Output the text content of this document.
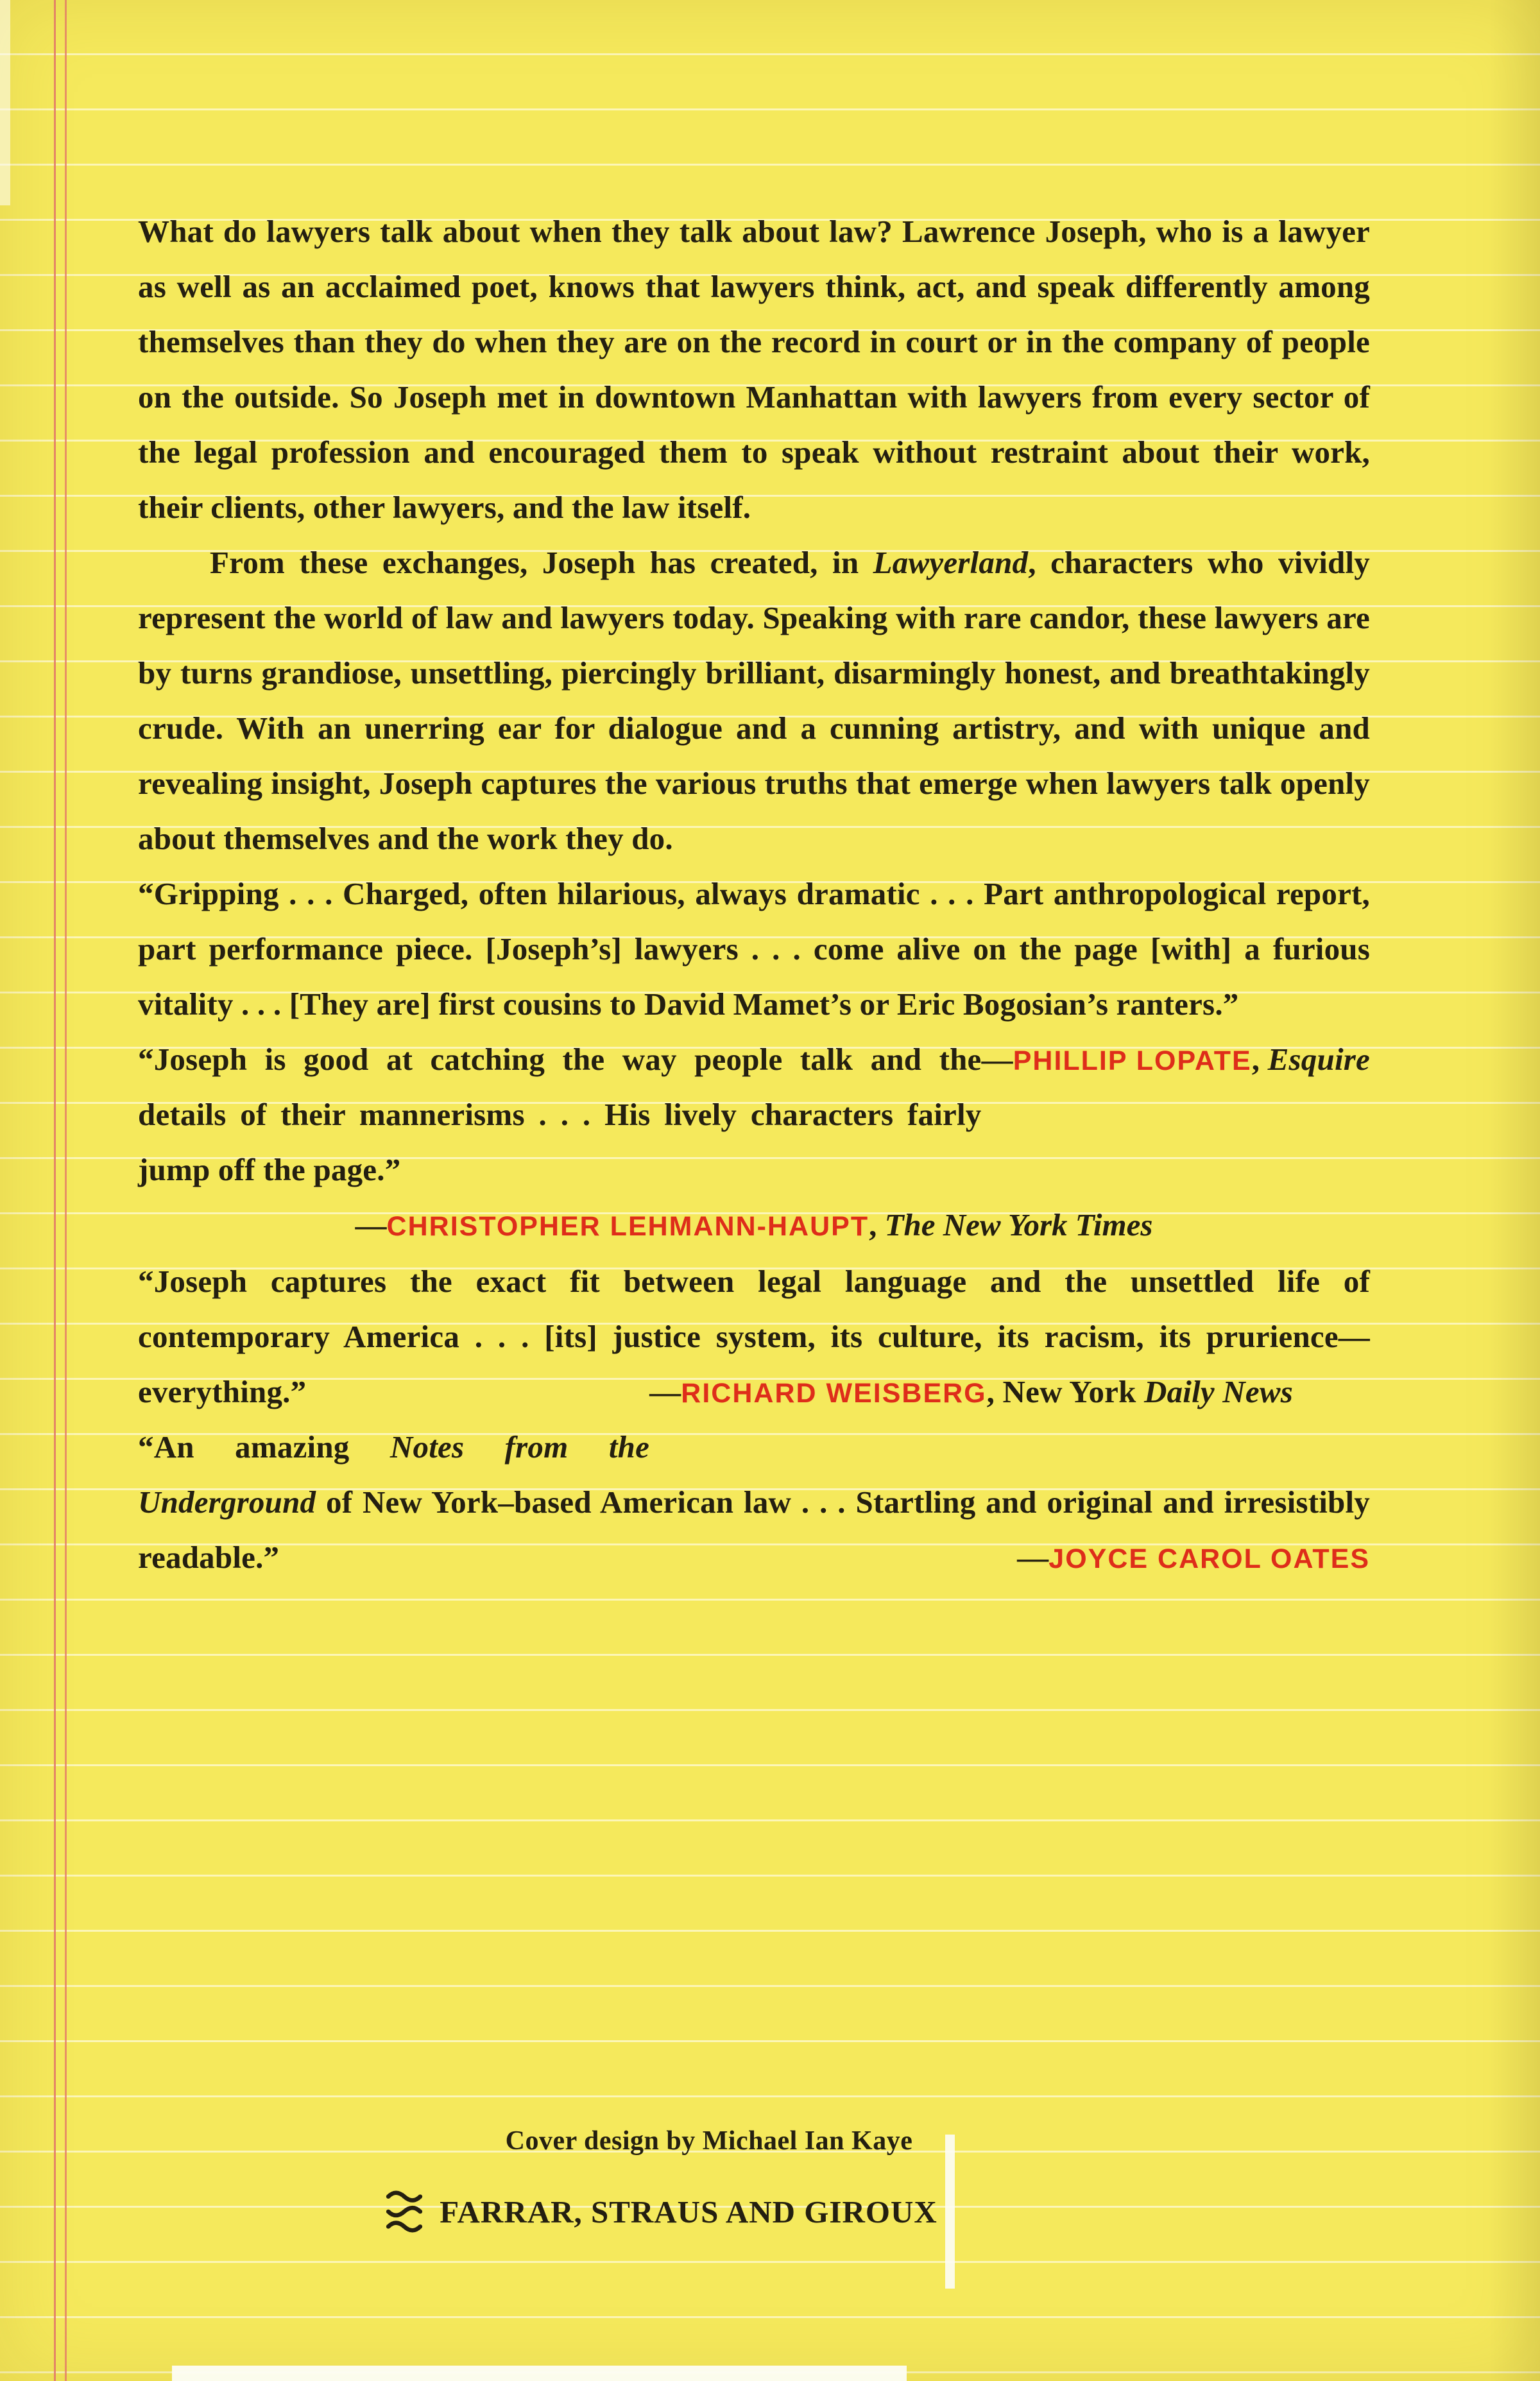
What do lawyers talk about when they talk about law? Lawrence Joseph, who is a lawyer as well as an acclaimed poet, knows that lawyers think, act, and speak differently among themselves than they do when they are on the record in court or in the company of people on the outside. So Joseph met in downtown Manhattan with lawyers from every sector of the legal profession and encouraged them to speak without restraint about their work, their clients, other lawyers, and the law itself.

From these exchanges, Joseph has created, in Lawyerland, characters who vividly represent the world of law and lawyers today. Speaking with rare candor, these lawyers are by turns grandiose, unsettling, piercingly brilliant, disarmingly honest, and breathtakingly crude. With an unerring ear for dialogue and a cunning artistry, and with unique and revealing insight, Joseph captures the various truths that emerge when lawyers talk openly about themselves and the work they do.

“Gripping . . . Charged, often hilarious, always dramatic . . . Part anthropological report, part performance piece. [Joseph’s] lawyers . . . come alive on the page [with] a furious vitality . . . [They are] first cousins to David Mamet’s or Eric Bogosian’s ranters.”
—PHILLIP LOPATE, Esquire

“Joseph is good at catching the way people talk and the details of their mannerisms . . . His lively characters fairly jump off the page.”

—CHRISTOPHER LEHMANN-HAUPT, The New York Times

“Joseph captures the exact fit between legal language and the unsettled life of contemporary America . . . [its] justice system, its culture, its racism, its prurience—everything.”	—RICHARD WEISBERG, New York Daily News

“An amazing Notes from the Underground of New York–based American law . . . Startling and original and irresistibly readable.”	—JOYCE CAROL OATES

Cover design by Michael Ian Kaye
FARRAR, STRAUS AND GIROUX
